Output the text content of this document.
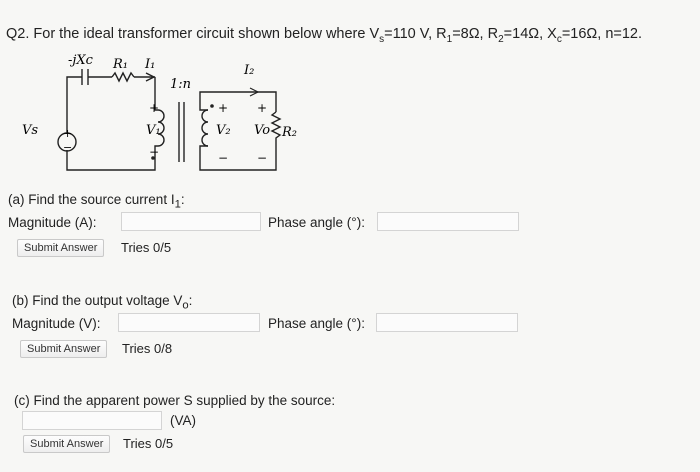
Q2. For the ideal transformer circuit shown below where $V_s=110$ V, $R_1=8\Omega$, $R_2=14\Omega$, $X_c=16\Omega$, n=12.
-jXc R₁ I₁
1:n
I₂
Vs +
−
+
V₁
−
+
V₂
−
+
Vo
−
R₂
(a) Find the source current $I_1$:
Magnitude (A):	Phase angle (°):
Submit Answer	Tries 0/5
(b) Find the output voltage $V_o$:
Magnitude (V):	Phase angle (°):
Submit Answer	Tries 0/8
(c) Find the apparent power S supplied by the source:
(VA)
Submit Answer	Tries 0/5
